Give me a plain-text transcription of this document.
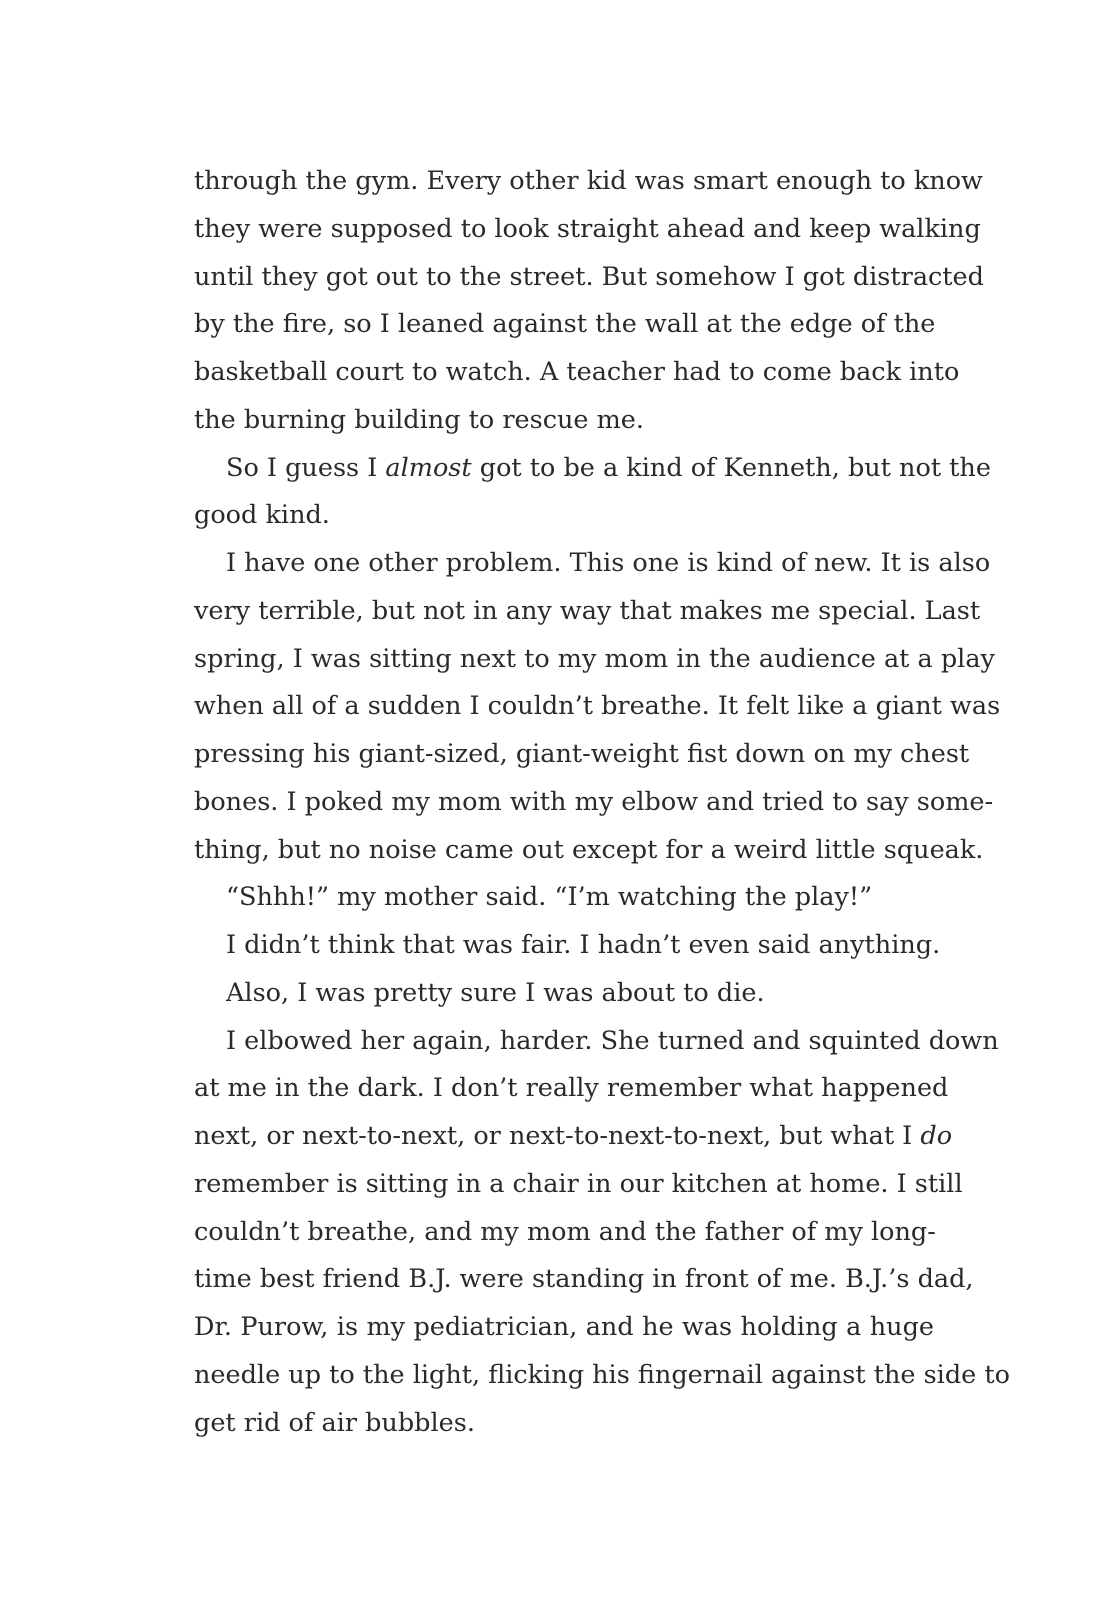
through the gym. Every other kid was smart enough to know
they were supposed to look straight ahead and keep walking
until they got out to the street. But somehow I got distracted
by the fire, so I leaned against the wall at the edge of the
basketball court to watch. A teacher had to come back into
the burning building to rescue me.
So I guess I almost got to be a kind of Kenneth, but not the
good kind.
I have one other problem. This one is kind of new. It is also
very terrible, but not in any way that makes me special. Last
spring, I was sitting next to my mom in the audience at a play
when all of a sudden I couldn’t breathe. It felt like a giant was
pressing his giant-sized, giant-weight fist down on my chest
bones. I poked my mom with my elbow and tried to say some-
thing, but no noise came out except for a weird little squeak.
“Shhh!” my mother said. “I’m watching the play!”
I didn’t think that was fair. I hadn’t even said anything.
Also, I was pretty sure I was about to die.
I elbowed her again, harder. She turned and squinted down
at me in the dark. I don’t really remember what happened
next, or next-to-next, or next-to-next-to-next, but what I do
remember is sitting in a chair in our kitchen at home. I still
couldn’t breathe, and my mom and the father of my long-
time best friend B.J. were standing in front of me. B.J.’s dad,
Dr. Purow, is my pediatrician, and he was holding a huge
needle up to the light, flicking his fingernail against the side to
get rid of air bubbles.
